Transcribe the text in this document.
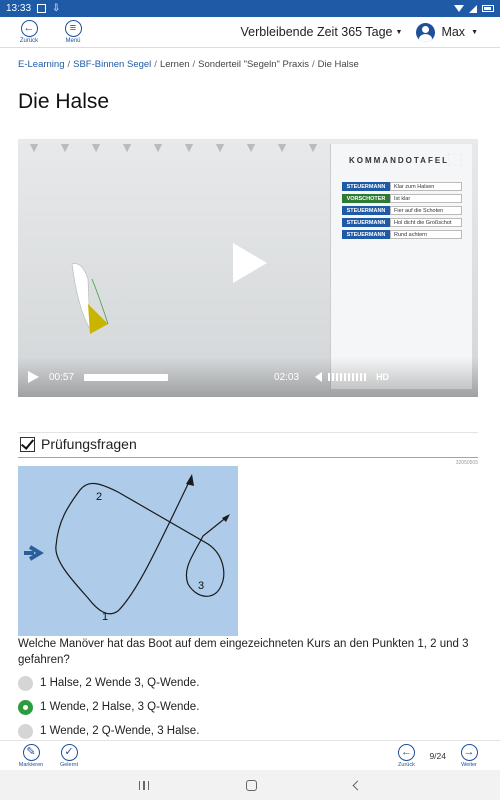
13:33 ⇩
←
Zurück
≡
Menü
Verbleibende Zeit 365 Tage ▼	Max ▼
E-Learning / SBF-Binnen Segel / Lernen / Sonderteil "Segeln" Praxis / Die Halse
Die Halse
▼ ▼ ▼ ▼ ▼ ▼ ▼ ▼ ▼ ▼
KOMMANDOTAFEL
STEUERMANN	Klar zum Halsen
VORSCHOTER	Ist klar
STEUERMANN	Fier auf die Schoten
STEUERMANN	Hol dicht die Großschot
STEUERMANN	Rund achtern
00:57	02:03	HD
Prüfungsfragen
32050505
2
1
3
Welche Manöver hat das Boot auf dem eingezeichneten Kurs an den Punkten 1, 2 und 3 gefahren?
1 Halse, 2 Wende 3, Q-Wende.
1 Wende, 2 Halse, 3 Q-Wende.
1 Wende, 2 Q-Wende, 3 Halse.
✎
Markieren
✓
Gelernt
←
Zurück
9/24 →
Weiter
